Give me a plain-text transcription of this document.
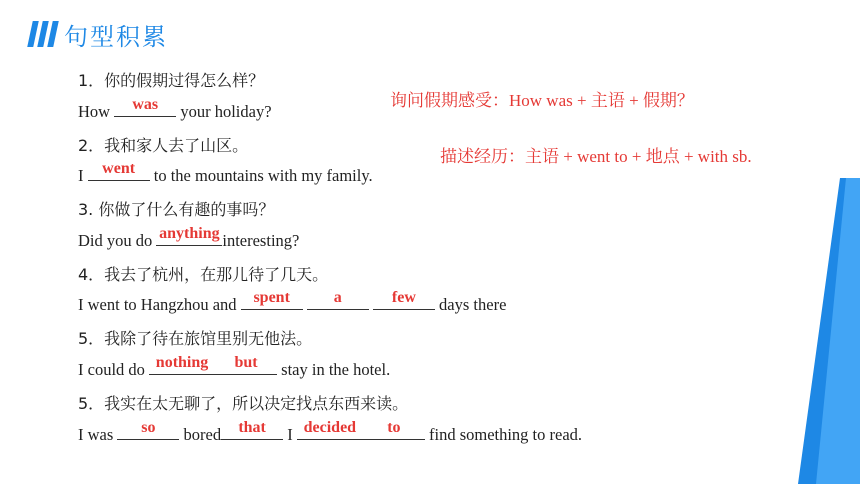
句型积累
询问假期感受：How was + 主语 + 假期？
描述经历：主语 + went to + 地点 + with sb.
1．你的假期过得怎么样？
How	was	your holiday?
2．我和家人去了山区。
I went to the mountains with my family.
3. 你做了什么有趣的事吗？
Did you do anything interesting?
4．我去了杭州，在那儿待了几天。
I went to Hangzhou and spent
	a
	few	days there
5．我除了待在旅馆里别无他法。
I could do nothing	but	stay in the hotel.
5．我实在太无聊了，所以决定找点东西来读。
I was	so	bored	that	I decided	to	find something to read.
